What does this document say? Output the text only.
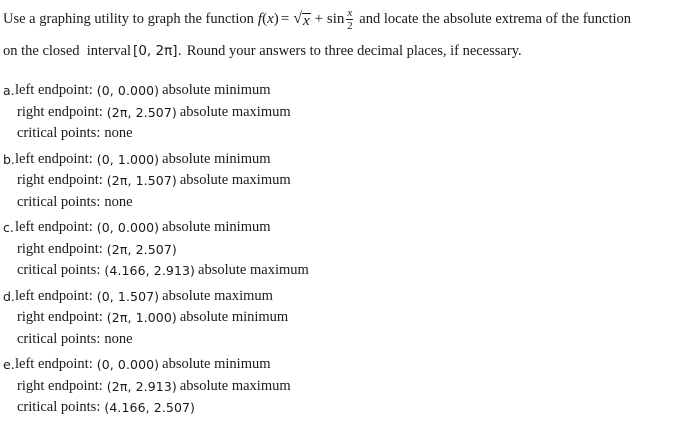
Use a graphing utility to graph the function f ( x ) = √ $x + \sin \frac{x}{2}$ and locate the absolute extrema of the function
on the closed  interval [0, 2π]. Round your answers to three decimal places, if necessary.
a. left endpoint: (0, 0.000) absolute minimum
right endpoint: (2π, 2.507) absolute maximum
critical points: none
b. left endpoint: (0, 1.000) absolute minimum
right endpoint: (2π, 1.507) absolute maximum
critical points: none
c. left endpoint: (0, 0.000) absolute minimum
right endpoint: (2π, 2.507)
critical points: (4.166, 2.913) absolute maximum
d. left endpoint: (0, 1.507) absolute maximum
right endpoint: (2π, 1.000) absolute minimum
critical points: none
e. left endpoint: (0, 0.000) absolute minimum
right endpoint: (2π, 2.913) absolute maximum
critical points: (4.166, 2.507)
